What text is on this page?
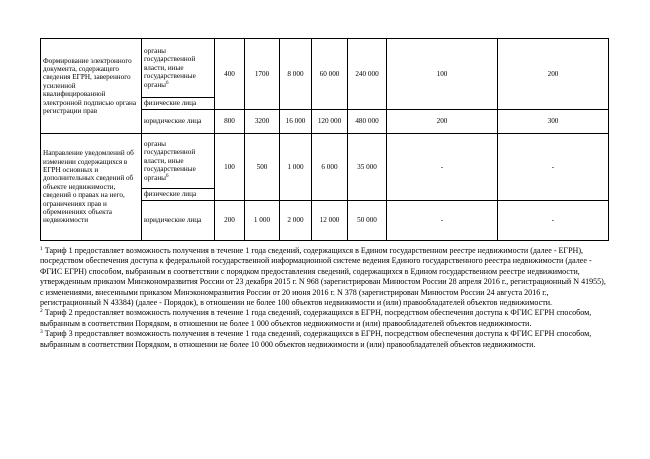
Формирование электронного документа, содержащего сведения ЕГРН, заверенного усиленной квалифицированной электронной подписью органа регистрации прав	органы государственной власти, иные государственные органы$^6$	400	1700	8 000	60 000	240 000	100	200
	физические лица							
	юридические лица	800	3200	16 000	120 000	480 000	200	300
Направление уведомлений об изменении содержащихся в ЕГРН основных и дополнительных сведений об объекте недвижимости, сведений о правах на него, ограничениях прав и обременениях объекта недвижимости	органы государственной власти, иные государственные органы$^6$	100	500	1 000	6 000	35 000	-	-
	физические лица							
	юридические лица	200	1 000	2 000	12 000	50 000	-	-

$^1$ Тариф 1 предоставляет возможность получения в течение 1 года сведений, содержащихся в Едином государственном реестре недвижимости (далее - ЕГРН), посредством обеспечения доступа к федеральной государственной информационной системе ведения Единого государственного реестра недвижимости (далее - ФГИС ЕГРН) способом, выбранным в соответствии с порядком предоставления сведений, содержащихся в Едином государственном реестре недвижимости, утвержденным приказом Минэкономразвития России от 23 декабря 2015 г. N 968 (зарегистрирован Минюстом России 28 апреля 2016 г., регистрационный N 41955), с изменениями, внесенными приказом Минэкономразвития России от 20 июня 2016 г. N 378 (зарегистрирован Минюстом России 24 августа 2016 г., регистрационный N 43384) (далее - Порядок), в отношении не более 100 объектов недвижимости и (или) правообладателей объектов недвижимости.

$^2$ Тариф 2 предоставляет возможность получения в течение 1 года сведений, содержащихся в ЕГРН, посредством обеспечения доступа к ФГИС ЕГРН способом, выбранным в соответствии Порядком, в отношении не более 1 000 объектов недвижимости и (или) правообладателей объектов недвижимости.

$^3$ Тариф 3 предоставляет возможность получения в течение 1 года сведений, содержащихся в ЕГРН, посредством обеспечения доступа к ФГИС ЕГРН способом, выбранным в соответствии Порядком, в отношении не более 10 000 объектов недвижимости и (или) правообладателей объектов недвижимости.
